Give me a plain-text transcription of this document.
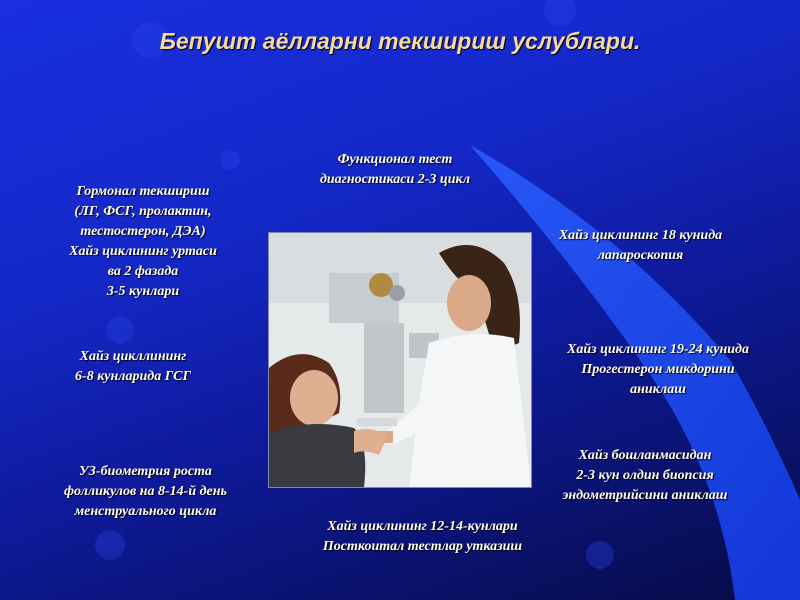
Бепушт аёлларни текшириш услублари.
Функционал тест
диагностикаси 2-3 цикл
Гормонал текшириш
(ЛГ, ФСГ, пролактин,
тестостерон, ДЭА)
Хайз циклининг уртаси
ва 2 фазада
3-5 кунлари
Хайз циклининг 18 кунида
лапароскопия
Хайз цикллининг
6-8 кунларида ГСГ
Хайз циклининг 19-24 кунида
Прогестерон микдорини
аниклаш
УЗ-биометрия роста
фолликулов на 8-14-й день
менструального цикла
Хайз бошланмасидан
2-3 кун олдин биопсия
эндометрийсини аниклаш
Хайз циклининг 12-14-кунлари
Посткоитал тестлар утказиш
